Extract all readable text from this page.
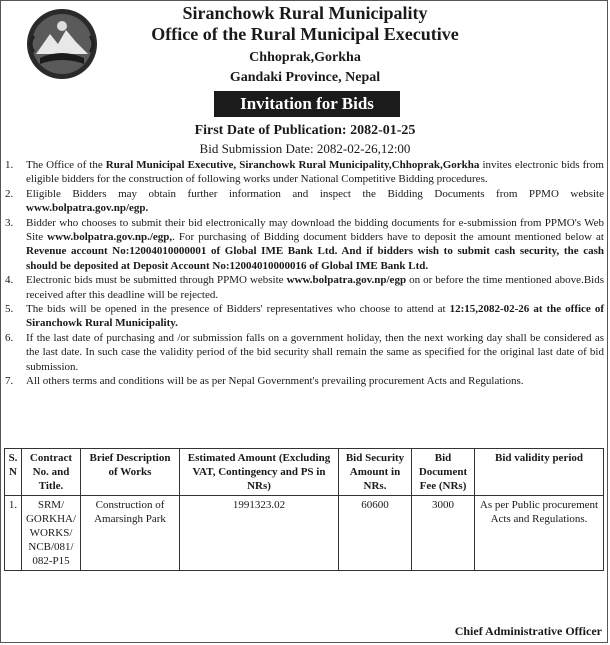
Siranchowk Rural Municipality
Office of the Rural Municipal Executive
Chhoprak,Gorkha
Gandaki Province, Nepal
Invitation for Bids
First Date of Publication: 2082-01-25
Bid Submission Date: 2082-02-26,12:00
1. The Office of the Rural Municipal Executive, Siranchowk Rural Municipality,Chhoprak,Gorkha invites electronic bids from eligible bidders for the construction of following works under National Competitive Bidding procedures.
2. Eligible Bidders may obtain further information and inspect the Bidding Documents from PPMO website www.bolpatra.gov.np/egp.
3. Bidder who chooses to submit their bid electronically may download the bidding documents for e-submission from PPMO's Web Site www.bolpatra.gov.np./egp,. For purchasing of Bidding document bidders have to deposit the amount mentioned below at Revenue account No:12004010000001 of Global IME Bank Ltd. And if bidders wish to submit cash security, the cash should be deposited at Deposit Account No:12004010000016 of Global IME Bank Ltd.
4. Electronic bids must be submitted through PPMO website www.bolpatra.gov.np/egp on or before the time mentioned above.Bids received after this deadline will be rejected.
5. The bids will be opened in the presence of Bidders' representatives who choose to attend at 12:15,2082-02-26 at the office of Siranchowk Rural Municipality.
6. If the last date of purchasing and /or submission falls on a government holiday, then the next working day shall be considered as the last date. In such case the validity period of the bid security shall remain the same as specified for the original last date of bid submission.
7. All others terms and conditions will be as per Nepal Government's prevailing procurement Acts and Regulations.
S. N	Contract No. and Title.	Brief Description of Works	Estimated Amount (Excluding VAT, Contingency and PS in NRs)	Bid Security Amount in NRs.	Bid Document Fee (NRs)	Bid validity period
1.	SRM/ GORKHA/ WORKS/ NCB/081/ 082-P15	Construction of Amarsingh Park	1991323.02	60600	3000	As per Public procurement Acts and Regulations.
Chief Administrative Officer
